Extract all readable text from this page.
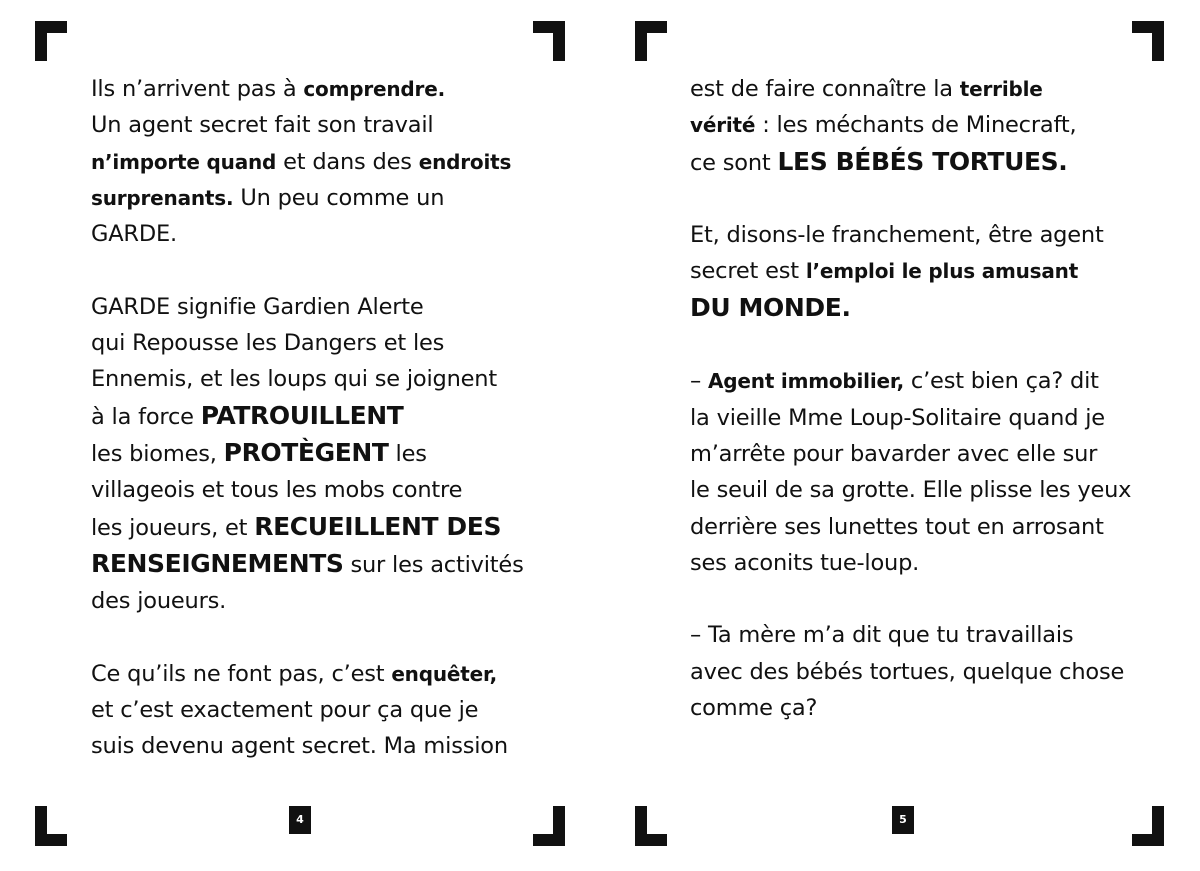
Ils n’arrivent pas à comprendre.

Un agent secret fait son travail

n’importe quand et dans des endroits

surprenants. Un peu comme un

GARDE.

GARDE signifie Gardien Alerte

qui Repousse les Dangers et les

Ennemis, et les loups qui se joignent

à la force PATROUILLENT

les biomes, PROTÈGENT les

villageois et tous les mobs contre

les joueurs, et RECUEILLENT DES

RENSEIGNEMENTS sur les activités

des joueurs.

Ce qu’ils ne font pas, c’est enquêter,

et c’est exactement pour ça que je

suis devenu agent secret. Ma mission

4

est de faire connaître la terrible

vérité : les méchants de Minecraft,

ce sont LES BÉBÉS TORTUES.

Et, disons-le franchement, être agent

secret est l’emploi le plus amusant

DU MONDE.

– Agent immobilier, c’est bien ça? dit

la vieille Mme Loup-Solitaire quand je

m’arrête pour bavarder avec elle sur

le seuil de sa grotte. Elle plisse les yeux

derrière ses lunettes tout en arrosant

ses aconits tue-loup.

– Ta mère m’a dit que tu travaillais

avec des bébés tortues, quelque chose

comme ça?

5
